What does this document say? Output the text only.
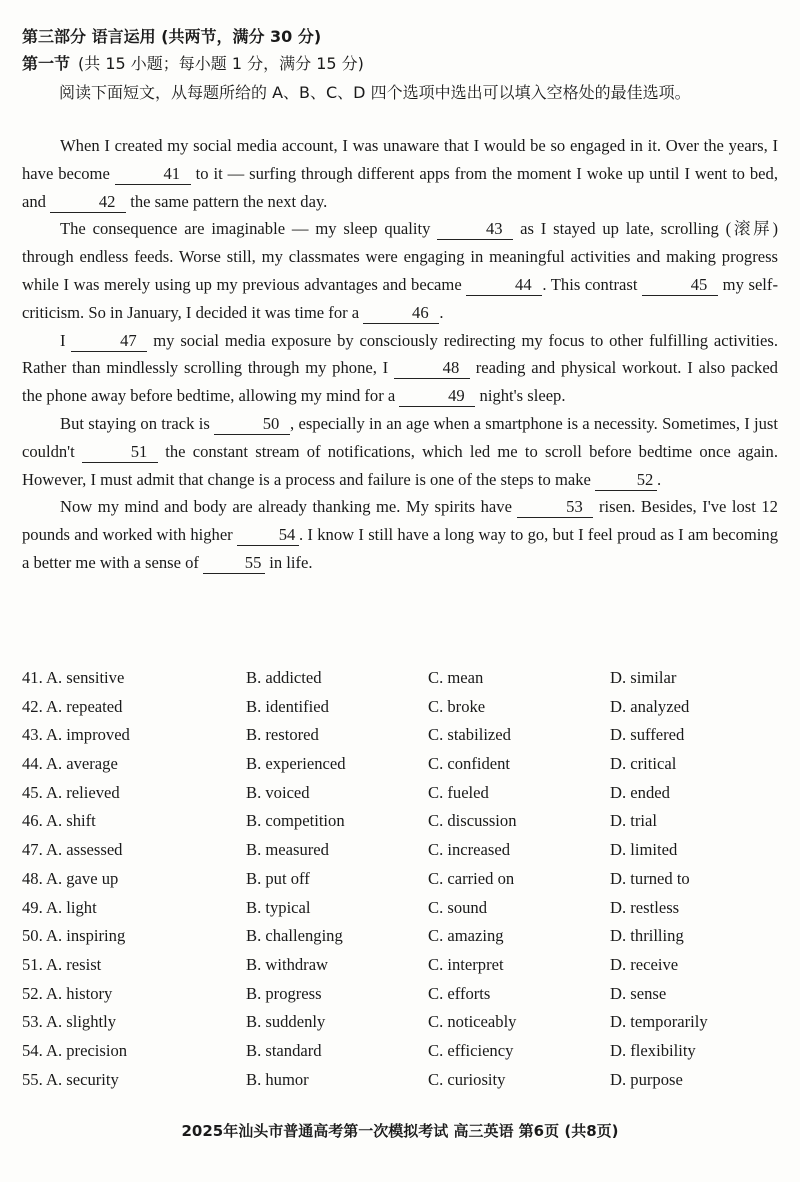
第三部分 语言运用 (共两节，满分 30 分)
第一节 (共 15 小题；每小题 1 分，满分 15 分)
阅读下面短文，从每题所给的 A、B、C、D 四个选项中选出可以填入空格处的最佳选项。

When I created my social media account, I was unaware that I would be so engaged in it. Over the years, I have become	41 to it — surfing through different apps from the moment I woke up until I went to bed, and	42 the same pattern the next day.

The consequence are imaginable — my sleep quality	43 as I stayed up late, scrolling (滚屏) through endless feeds. Worse still, my classmates were engaging in meaningful activities and making progress while I was merely using up my previous advantages and became	44 . This contrast	45 my self-criticism. So in January, I decided it was time for a	46 .

I	47 my social media exposure by consciously redirecting my focus to other fulfilling activities. Rather than mindlessly scrolling through my phone, I	48 reading and physical workout. I also packed the phone away before bedtime, allowing my mind for a	49 night's sleep.

But staying on track is	50 , especially in an age when a smartphone is a necessity. Sometimes, I just couldn't	51 the constant stream of notifications, which led me to scroll before bedtime once again. However, I must admit that change is a process and failure is one of the steps to make	52 .

Now my mind and body are already thanking me. My spirits have	53 risen. Besides, I've lost 12 pounds and worked with higher	54 . I know I still have a long way to go, but I feel proud as I am becoming a better me with a sense of	55 in life.

41. A. sensitive	B. addicted	C. mean	D. similar
42. A. repeated	B. identified	C. broke	D. analyzed
43. A. improved	B. restored	C. stabilized	D. suffered
44. A. average	B. experienced	C. confident	D. critical
45. A. relieved	B. voiced	C. fueled	D. ended
46. A. shift	B. competition	C. discussion	D. trial
47. A. assessed	B. measured	C. increased	D. limited
48. A. gave up	B. put off	C. carried on	D. turned to
49. A. light	B. typical	C. sound	D. restless
50. A. inspiring	B. challenging	C. amazing	D. thrilling
51. A. resist	B. withdraw	C. interpret	D. receive
52. A. history	B. progress	C. efforts	D. sense
53. A. slightly	B. suddenly	C. noticeably	D. temporarily
54. A. precision	B. standard	C. efficiency	D. flexibility
55. A. security	B. humor	C. curiosity	D. purpose
2025年汕头市普通高考第一次模拟考试 高三英语 第6页 (共8页)
